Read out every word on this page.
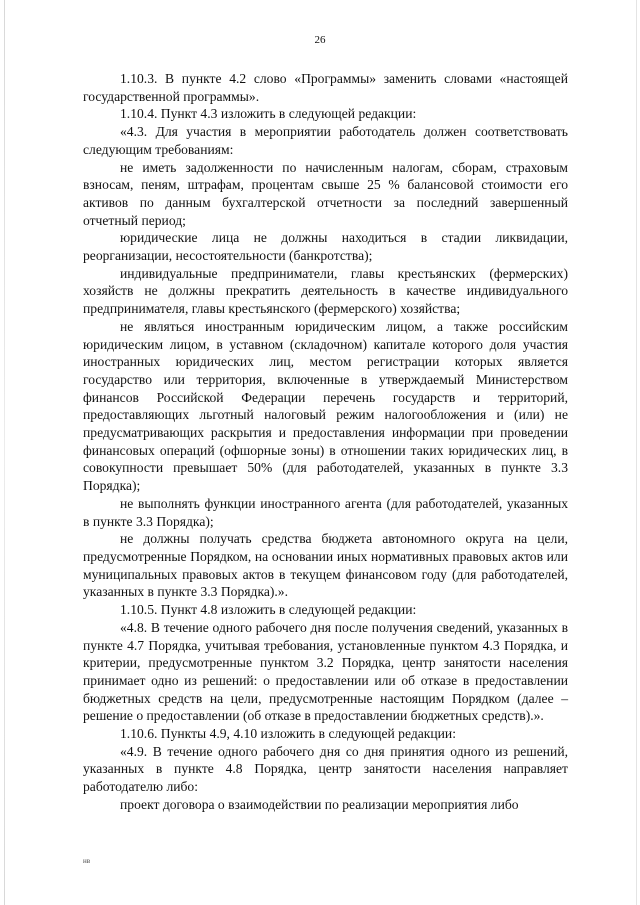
26

1.10.3. В пункте 4.2 слово «Программы» заменить словами «настоящей государственной программы».

1.10.4. Пункт 4.3 изложить в следующей редакции:

«4.3. Для участия в мероприятии работодатель должен соответствовать следующим требованиям:

не иметь задолженности по начисленным налогам, сборам, страховым взносам, пеням, штрафам, процентам свыше 25 % балансовой стоимости его активов по данным бухгалтерской отчетности за последний завершенный отчетный период;

юридические лица не должны находиться в стадии ликвидации, реорганизации, несостоятельности (банкротства);

индивидуальные предприниматели, главы крестьянских (фермерских) хозяйств не должны прекратить деятельность в качестве индивидуального предпринимателя, главы крестьянского (фермерского) хозяйства;

не являться иностранным юридическим лицом, а также российским юридическим лицом, в уставном (складочном) капитале которого доля участия иностранных юридических лиц, местом регистрации которых является государство или территория, включенные в утверждаемый Министерством финансов Российской Федерации перечень государств и территорий, предоставляющих льготный налоговый режим налогообложения и (или) не предусматривающих раскрытия и предоставления информации при проведении финансовых операций (офшорные зоны) в отношении таких юридических лиц, в совокупности превышает 50% (для работодателей, указанных в пункте 3.3 Порядка);

не выполнять функции иностранного агента (для работодателей, указанных в пункте 3.3 Порядка);

не должны получать средства бюджета автономного округа на цели, предусмотренные Порядком, на основании иных нормативных правовых актов или муниципальных правовых актов в текущем финансовом году (для работодателей, указанных в пункте 3.3 Порядка).».

1.10.5. Пункт 4.8 изложить в следующей редакции:

«4.8. В течение одного рабочего дня после получения сведений, указанных в пункте 4.7 Порядка, учитывая требования, установленные пунктом 4.3 Порядка, и критерии, предусмотренные пунктом 3.2 Порядка, центр занятости населения принимает одно из решений: о предоставлении или об отказе в предоставлении бюджетных средств на цели, предусмотренные настоящим Порядком (далее – решение о предоставлении (об отказе в предоставлении бюджетных средств).».

1.10.6. Пункты 4.9, 4.10 изложить в следующей редакции:

«4.9. В течение одного рабочего дня со дня принятия одного из решений, указанных в пункте 4.8 Порядка, центр занятости населения направляет работодателю либо:

проект договора о взаимодействии по реализации мероприятия либо

нв
